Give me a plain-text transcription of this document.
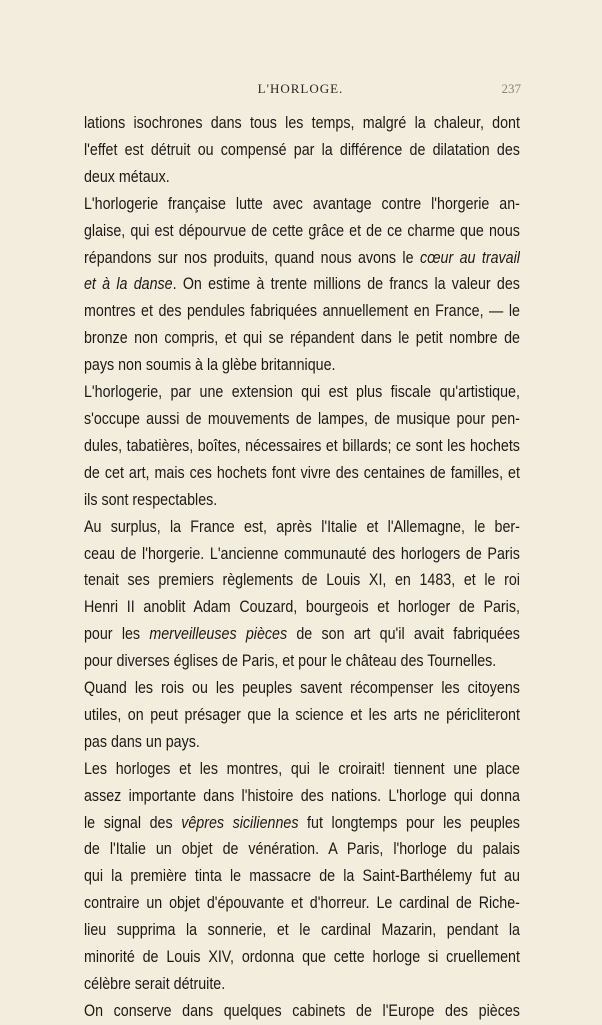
L'HORLOGE.	237

lations isochrones dans tous les temps, malgré la chaleur, dont
l'effet est détruit ou compensé par la différence de dilatation des
deux métaux.

L'horlogerie française lutte avec avantage contre l'horgerie an-
glaise, qui est dépourvue de cette grâce et de ce charme que nous
répandons sur nos produits, quand nous avons le cœur au travail
et à la danse. On estime à trente millions de francs la valeur des
montres et des pendules fabriquées annuellement en France, — le
bronze non compris, et qui se répandent dans le petit nombre de
pays non soumis à la glèbe britannique.

L'horlogerie, par une extension qui est plus fiscale qu'artistique,
s'occupe aussi de mouvements de lampes, de musique pour pen-
dules, tabatières, boîtes, nécessaires et billards; ce sont les hochets
de cet art, mais ces hochets font vivre des centaines de familles, et
ils sont respectables.

Au surplus, la France est, après l'Italie et l'Allemagne, le ber-
ceau de l'horgerie. L'ancienne communauté des horlogers de Paris
tenait ses premiers règlements de Louis XI, en 1483, et le roi
Henri II anoblit Adam Couzard, bourgeois et horloger de Paris,
pour les merveilleuses pièces de son art qu'il avait fabriquées
pour diverses églises de Paris, et pour le château des Tournelles.

Quand les rois ou les peuples savent récompenser les citoyens
utiles, on peut présager que la science et les arts ne péricliteront
pas dans un pays.

Les horloges et les montres, qui le croirait! tiennent une place
assez importante dans l'histoire des nations. L'horloge qui donna
le signal des vêpres siciliennes fut longtemps pour les peuples
de l'Italie un objet de vénération. A Paris, l'horloge du palais
qui la première tinta le massacre de la Saint-Barthélemy fut au
contraire un objet d'épouvante et d'horreur. Le cardinal de Riche-
lieu supprima la sonnerie, et le cardinal Mazarin, pendant la
minorité de Louis XIV, ordonna que cette horloge si cruellement
célèbre serait détruite.

On conserve dans quelques cabinets de l'Europe des pièces
